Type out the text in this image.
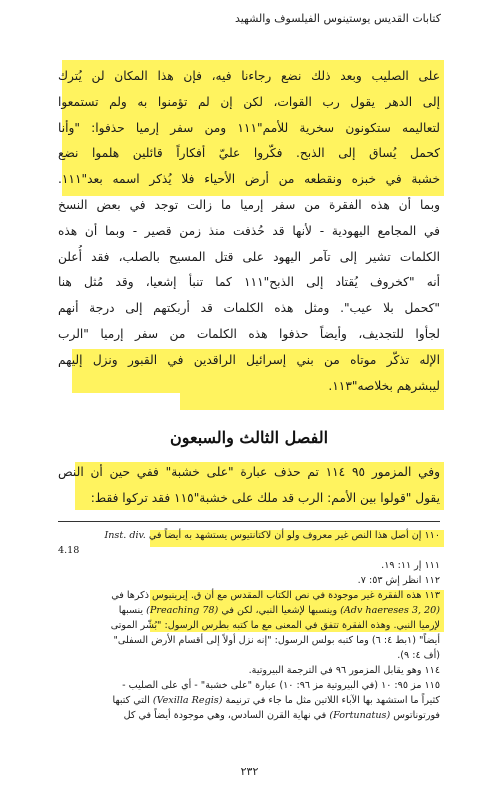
كتابات القديس يوستينوس الفيلسوف والشهيد
على الصليب وبعد ذلك نضع رجاءنا فيه، فإن هذا المكان لن يُترك
إلى الدهر يقول رب القوات، لكن إن لم تؤمنوا به ولم تستمعوا
لتعاليمه ستكونون سخرية للأمم"١١١ ومن سفر إرميا حذفوا: "وأنا
كحمل يُساق إلى الذبح. فكّروا عليّ أفكاراً قائلين هلموا نضع
خشبة في خبزه ونقطعه من أرض الأحياء فلا يُذكر اسمه بعد"١١١.
وبما أن هذه الفقرة من سفر إرميا ما زالت توجد في بعض النسخ
في المجامع اليهودية - لأنها قد حُذفت منذ زمن قصير - وبما أن هذه
الكلمات تشير إلى تآمر اليهود على قتل المسيح بالصلب، فقد أُعلن
أنه "كخروف يُقتاد إلى الذبح"١١١ كما تنبأ إشعيا، وقد مُثل هنا
"كحمل بلا عيب". ومثل هذه الكلمات قد أربكتهم إلى درجة أنهم
لجأوا للتجديف، وأيضاً حذفوا هذه الكلمات من سفر إرميا "الرب
الإله تذكّر موتاه من بني إسرائيل الراقدين في القبور ونزل إليهم
ليبشرهم بخلاصه"١١٣.
الفصل الثالث والسبعون
وفي المزمور ٩٥ ١١٤ تم حذف عبارة "على خشبة" ففي حين أن النص
يقول "قولوا بين الأمم: الرب قد ملك على خشبة"١١٥ فقد تركوا فقط:
١١٠ إن أصل هذا النص غير معروف ولو أن لاكتانتيوس يستشهد به أيضاً في Inst. div.
4.18
١١١ إر ١١: ١٩.
١١٢ انظر إش ٥٣: ٧.
١١٣ هذه الفقرة غير موجودة في نص الكتاب المقدس مع أن ق. إيرينيوس ذكرها في
(Adv haereses 3, 20) وينسبها لإشعيا النبي، لكن في (Preaching 78) ينسبها
لإرميا النبي. وهذه الفقرة تتفق في المعنى مع ما كتبه بطرس الرسول: "بُشّر الموتى
أيضاً" (١بط ٤: ٦) وما كتبه بولس الرسول: "إنه نزل أولاً إلى أقسام الأرض السفلى"
(أف ٤: ٩).
١١٤ وهو يقابل المزمور ٩٦ في الترجمة البيروتية.
١١٥ مز ٩٥: ١٠ (في البيروتية مز ٩٦: ١٠) عبارة "على خشبة" - أي على الصليب -
كثيراً ما استشهد بها الآباء اللاتين مثل ما جاء في ترنيمة (Vexilla Regis) التي كتبها
فورتوناتوس (Fortunatus) في نهاية القرن السادس، وهي موجودة أيضاً في كل
٢٣٢
